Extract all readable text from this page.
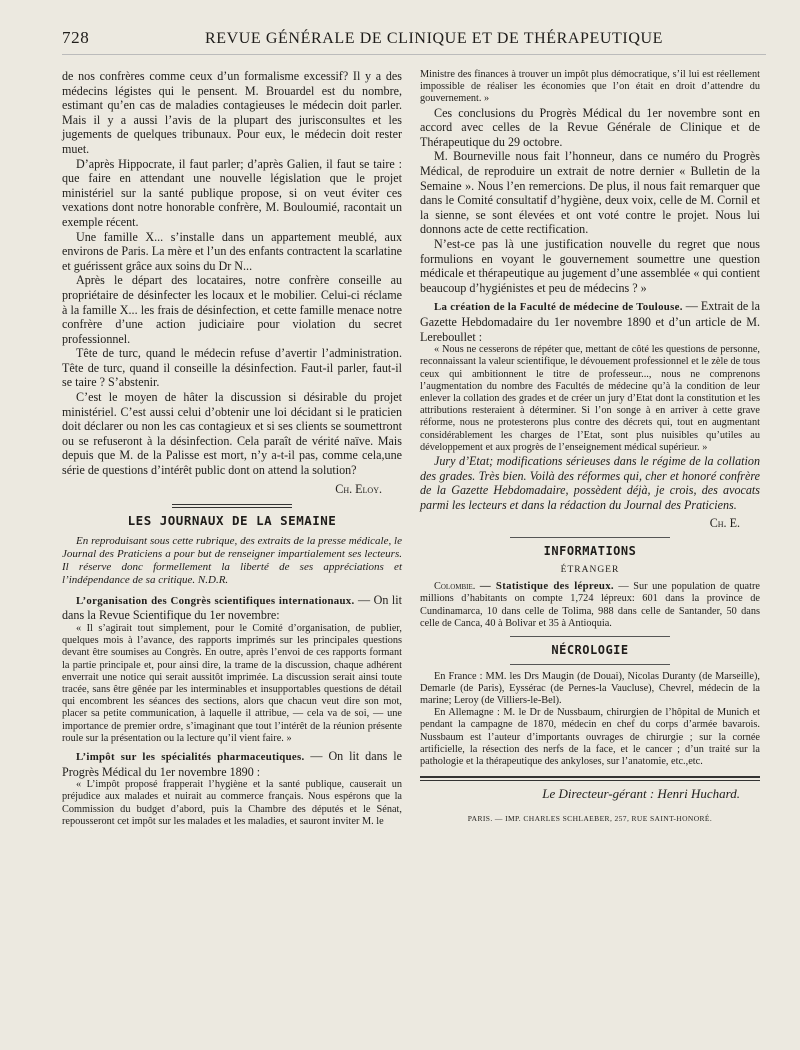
728	REVUE GÉNÉRALE DE CLINIQUE ET DE THÉRAPEUTIQUE

de nos confrères comme ceux d’un formalisme excessif? Il y a des médecins légistes qui le pensent. M. Brouardel est du nombre, estimant qu’en cas de maladies contagieuses le médecin doit parler. Mais il y a aussi l’avis de la plupart des jurisconsultes et les jugements de quelques tribunaux. Pour eux, le médecin doit rester muet.

D’après Hippocrate, il faut parler; d’après Galien, il faut se taire : que faire en attendant une nouvelle législation que le projet ministériel sur la santé publique propose, si on veut éviter ces vexations dont notre honorable confrère, M. Bouloumié, racontait un exemple récent.

Une famille X... s’installe dans un appartement meublé, aux environs de Paris. La mère et l’un des enfants contractent la scarlatine et guérissent grâce aux soins du Dr N...

Après le départ des locataires, notre confrère conseille au propriétaire de désinfecter les locaux et le mobilier. Celui-ci réclame à la famille X... les frais de désinfection, et cette famille menace notre confrère d’une action judiciaire pour violation du secret professionnel.

Tête de turc, quand le médecin refuse d’avertir l’administration. Tête de turc, quand il conseille la désinfection. Faut-il parler, faut-il se taire ? S’abstenir.

C’est le moyen de hâter la discussion si désirable du projet ministériel. C’est aussi celui d’obtenir une loi décidant si le praticien doit déclarer ou non les cas contagieux et si ses clients se soumettront ou se refuseront à la désinfection. Cela paraît de vérité naïve. Mais depuis que M. de la Palisse est mort, n’y a-t-il pas, comme cela,une série de questions d’intérêt public dont on attend la solution?

Ch. Eloy.
LES JOURNAUX DE LA SEMAINE

En reproduisant sous cette rubrique, des extraits de la presse médicale, le Journal des Praticiens a pour but de renseigner impartialement ses lecteurs. Il réserve donc formellement la liberté de ses appréciations et l’indépendance de sa critique. N.D.R.

L’organisation des Congrès scientifiques internationaux. — On lit dans la Revue Scientifique du 1er novembre:

« Il s’agirait tout simplement, pour le Comité d’organisation, de publier, quelques mois à l’avance, des rapports imprimés sur les principales questions devant être soumises au Congrès. En outre, après l’envoi de ces rapports formant la partie principale et, pour ainsi dire, la trame de la discussion, chaque adhérent enverrait une notice qui serait aussitôt imprimée. La discussion serait ainsi toute tracée, sans être gênée par les interminables et insupportables questions de détail qui encombrent les séances des sections, alors que chacun veut dire son mot, placer sa petite communication, à laquelle il attribue, — cela va de soi, — une importance de premier ordre, s’imaginant que tout l’intérêt de la réunion présente roule sur la présentation ou la lecture qu’il vient faire. »

L’impôt sur les spécialités pharmaceutiques. — On lit dans le Progrès Médical du 1er novembre 1890 :

« L’impôt proposé frapperait l’hygiène et la santé publique, causerait un préjudice aux malades et nuirait au commerce français. Nous espérons que la Commission du budget d’abord, puis la Chambre des députés et le Sénat, repousseront cet impôt sur les malades et les maladies, et sauront inviter M. le

Ministre des finances à trouver un impôt plus démocratique, s’il lui est réellement impossible de réaliser les économies que l’on était en droit d’attendre du gouvernement. »

Ces conclusions du Progrès Médical du 1er novembre sont en accord avec celles de la Revue Générale de Clinique et de Thérapeutique du 29 octobre.

M. Bourneville nous fait l’honneur, dans ce numéro du Progrès Médical, de reproduire un extrait de notre dernier « Bulletin de la Semaine ». Nous l’en remercions. De plus, il nous fait remarquer que dans le Comité consultatif d’hygiène, deux voix, celle de M. Cornil et la sienne, se sont élevées et ont voté contre le projet. Nous lui donnons acte de cette rectification.

N’est-ce pas là une justification nouvelle du regret que nous formulions en voyant le gouvernement soumettre une question médicale et thérapeutique au jugement d’une assemblée « qui contient beaucoup d’hygiénistes et peu de médecins ? »

La création de la Faculté de médecine de Toulouse. — Extrait de la Gazette Hebdomadaire du 1er novembre 1890 et d’un article de M. Lereboullet :

« Nous ne cesserons de répéter que, mettant de côté les questions de personne, reconnaissant la valeur scientifique, le dévouement professionnel et le zèle de tous ceux qui ambitionnent le titre de professeur..., nous ne comprenons l’augmentation du nombre des Facultés de médecine qu’à la condition de leur enlever la collation des grades et de créer un jury d’Etat dont la constitution et les attributions resteraient à déterminer. Si l’on songe à en arriver à cette grave réforme, nous ne protesterons plus contre des décrets qui, tout en augmentant considérablement les charges de l’Etat, sont plus nuisibles qu’utiles au développement et aux progrès de l’enseignement médical supérieur. »

Jury d’Etat; modifications sérieuses dans le régime de la collation des grades. Très bien. Voilà des réformes qui, cher et honoré confrère de la Gazette Hebdomadaire, possèdent déjà, je crois, des avocats parmi les lecteurs et dans la rédaction du Journal des Praticiens.

Ch. E.
INFORMATIONS
ÉTRANGER

Colombie. — Statistique des lépreux. — Sur une population de quatre millions d’habitants on compte 1,724 lépreux: 601 dans la province de Cundinamarca, 10 dans celle de Tolima, 988 dans celle de Santander, 50 dans celle de Canca, 40 à Bolivar et 35 à Antioquia.

NÉCROLOGIE

En France : MM. les Drs Maugin (de Douai), Nicolas Duranty (de Marseille), Demarle (de Paris), Eyssérac (de Pernes-la Vaucluse), Chevrel, médecin de la marine; Leroy (de Villiers-le-Bel).

En Allemagne : M. le Dr de Nussbaum, chirurgien de l’hôpital de Munich et pendant la campagne de 1870, médecin en chef du corps d’armée bavarois. Nussbaum est l’auteur d’importants ouvrages de chirurgie ; sur la cornée artificielle, la résection des nerfs de la face, et le cancer ; d’un traité sur la pathologie et la thérapeutique des ankyloses, sur l’anatomie, etc.,etc.

Le Directeur-gérant : Henri Huchard.
PARIS. — IMP. CHARLES SCHLAEBER, 257, RUE SAINT-HONORÉ.
